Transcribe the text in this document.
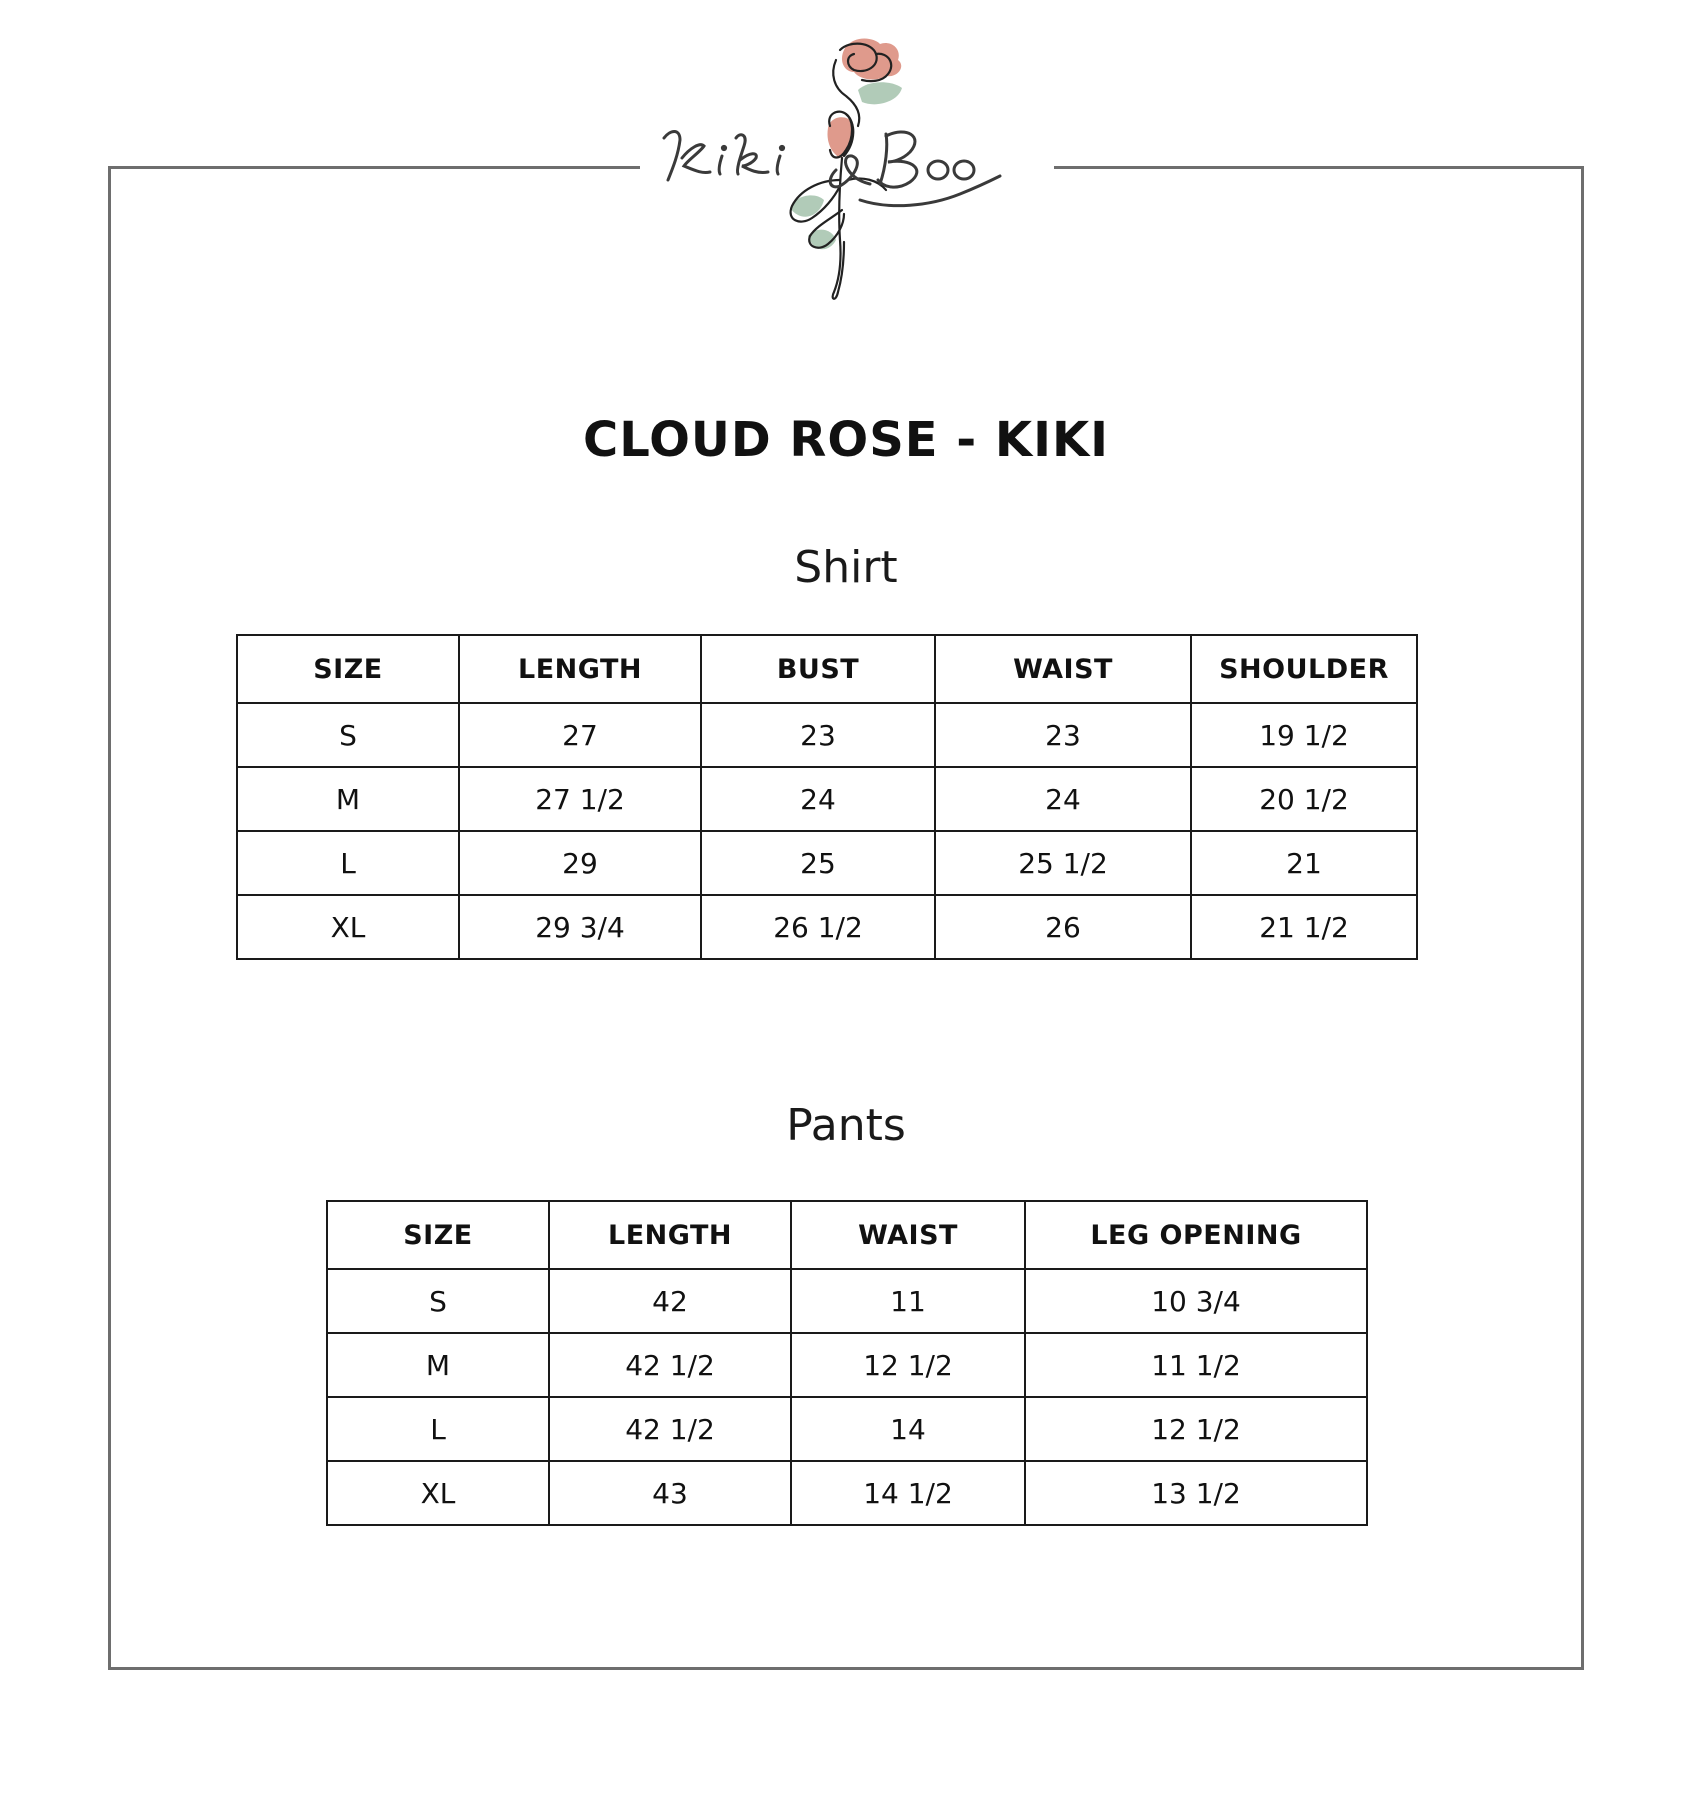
CLOUD ROSE - KIKI
Shirt
SIZE	LENGTH	BUST	WAIST	SHOULDER
S	27	23	23	19 1/2
M	27 1/2	24	24	20 1/2
L	29	25	25 1/2	21
XL	29 3/4	26 1/2	26	21 1/2
Pants
SIZE	LENGTH	WAIST	LEG OPENING
S	42	11	10 3/4
M	42 1/2	12 1/2	11 1/2
L	42 1/2	14	12 1/2
XL	43	14 1/2	13 1/2
